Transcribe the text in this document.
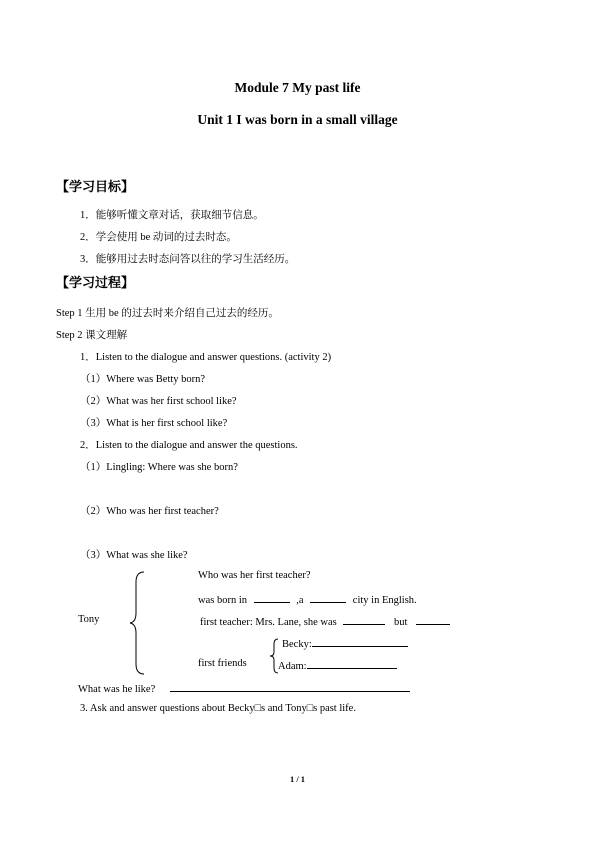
Module 7 My past life
Unit 1 I was born in a small village
【学习目标】
1．能够听懂文章对话，获取细节信息。
2．学会使用 be 动词的过去时态。
3．能够用过去时态问答以往的学习生活经历。
【学习过程】
Step 1 生用 be 的过去时来介绍自己过去的经历。
Step 2 课文理解
1．Listen to the dialogue and answer questions. (activity 2)
（1）Where was Betty born?
（2）What was her first school like?
（3）What is her first school like?
2．Listen to the dialogue and answer the questions.
（1）Lingling: Where was she born?
（2）Who was her first teacher?
（3）What was she like?
Tony
Who was her first teacher?
was born in	,a	city in English.
first teacher: Mrs. Lane, she was	but
first friends
Becky:
Adam:
What was he like?
3. Ask and answer questions about Becky□s and Tony□s past life.
1 / 1
